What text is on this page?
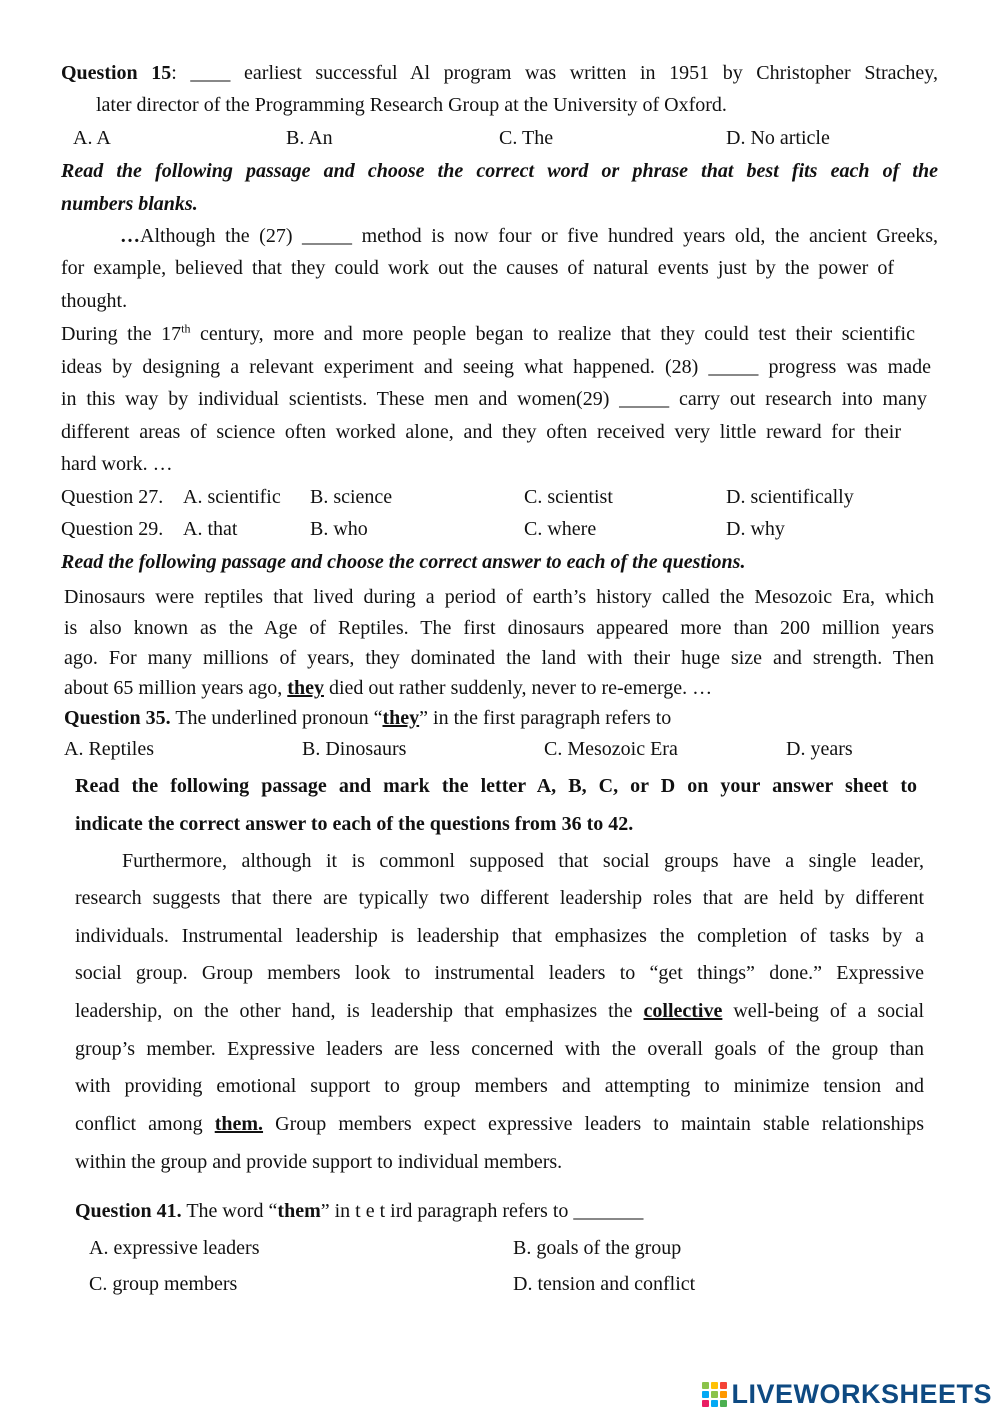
Question 15: ____ earliest successful Al program was written in 1951 by Christopher Strachey,
later director of the Programming Research Group at the University of Oxford.
A. A	B. An	C. The	D. No article
Read the following passage and choose the correct word or phrase that best fits each of the
numbers blanks.
…Although the (27) _____ method is now four or five hundred years old, the ancient Greeks,
for example, believed that they could work out the causes of natural events just by the power of
thought.
During the 17th century, more and more people began to realize that they could test their scientific
ideas by designing a relevant experiment and seeing what happened. (28) _____ progress was made
in this way by individual scientists. These men and women(29) _____ carry out research into many
different areas of science often worked alone, and they often received very little reward for their
hard work. …
Question 27. A. scientific B. science	C. scientist	D. scientifically
Question 29. A. that	B. who	C. where	D. why
Read the following passage and choose the correct answer to each of the questions.
Dinosaurs were reptiles that lived during a period of earth’s history called the Mesozoic Era, which
is also known as the Age of Reptiles. The first dinosaurs appeared more than 200 million years
ago. For many millions of years, they dominated the land with their huge size and strength. Then
about 65 million years ago, they died out rather suddenly, never to re-emerge. …
Question 35. The underlined pronoun “they” in the first paragraph refers to
A. Reptiles	B. Dinosaurs	C. Mesozoic Era	D. years
Read the following passage and mark the letter A, B, C, or D on your answer sheet to
indicate the correct answer to each of the questions from 36 to 42.
Furthermore, although it is commonl supposed that social groups have a single leader,
research suggests that there are typically two different leadership roles that are held by different
individuals. Instrumental leadership is leadership that emphasizes the completion of tasks by a
social group. Group members look to instrumental leaders to “get things” done.” Expressive
leadership, on the other hand, is leadership that emphasizes the collective well-being of a social
group’s member. Expressive leaders are less concerned with the overall goals of the group than
with providing emotional support to group members and attempting to minimize tension and
conflict among them. Group members expect expressive leaders to maintain stable relationships
within the group and provide support to individual members.
Question 41. The word “them” in t e t ird paragraph refers to _______
A. expressive leaders	B. goals of the group
C. group members	D. tension and conflict
LIVEWORKSHEETS
